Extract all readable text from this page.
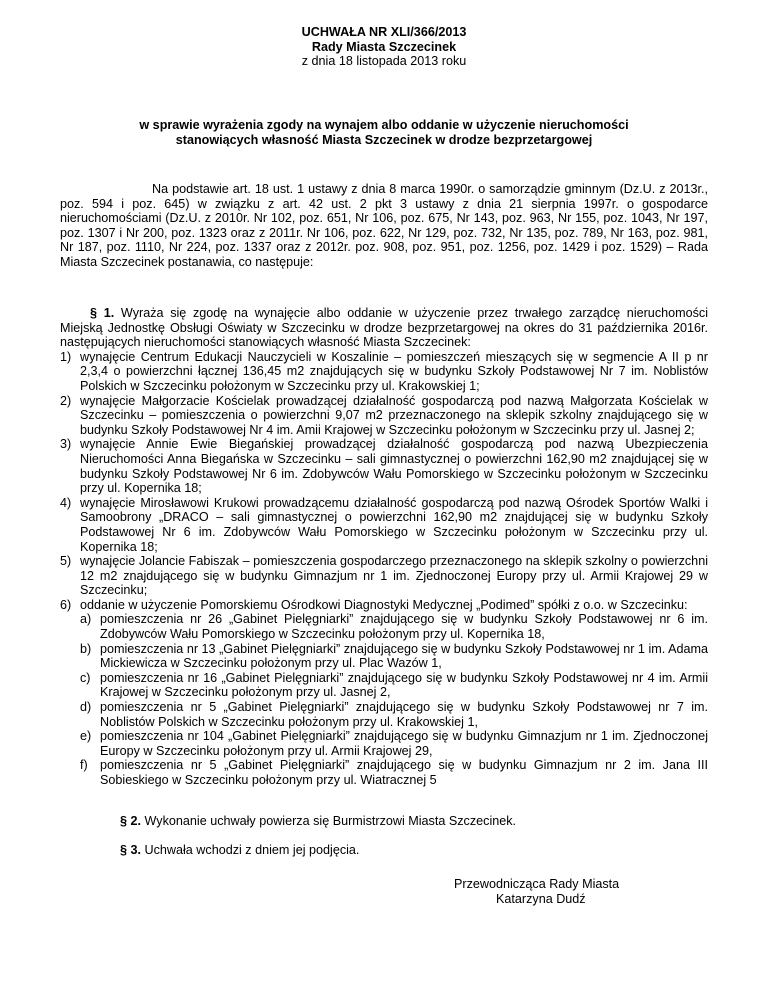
UCHWAŁA NR XLI/366/2013
Rady Miasta Szczecinek
z dnia 18 listopada 2013 roku
w sprawie wyrażenia zgody na wynajem albo oddanie w użyczenie nieruchomości
stanowiących własność Miasta Szczecinek w drodze bezprzetargowej
Na podstawie art. 18 ust. 1 ustawy z dnia 8 marca 1990r. o samorządzie gminnym (Dz.U. z 2013r., poz. 594 i poz. 645) w związku z art. 42 ust. 2 pkt 3 ustawy z dnia 21 sierpnia 1997r. o gospodarce nieruchomościami (Dz.U. z 2010r. Nr 102, poz. 651, Nr 106, poz. 675, Nr 143, poz. 963, Nr 155, poz. 1043, Nr 197, poz. 1307 i Nr 200, poz. 1323 oraz z 2011r. Nr 106, poz. 622, Nr 129, poz. 732, Nr 135, poz. 789, Nr 163, poz. 981, Nr 187, poz. 1110, Nr 224, poz. 1337 oraz z 2012r. poz. 908, poz. 951, poz. 1256, poz. 1429 i poz. 1529) – Rada Miasta Szczecinek postanawia, co następuje:
§ 1. Wyraża się zgodę na wynajęcie albo oddanie w użyczenie przez trwałego zarządcę nieruchomości Miejską Jednostkę Obsługi Oświaty w Szczecinku w drodze bezprzetargowej na okres do 31 października 2016r. następujących nieruchomości stanowiących własność Miasta Szczecinek:
1) wynajęcie Centrum Edukacji Nauczycieli w Koszalinie – pomieszczeń mieszących się w segmencie A II p nr 2,3,4 o powierzchni łącznej 136,45 m2 znajdujących się w budynku Szkoły Podstawowej Nr 7 im. Noblistów Polskich w Szczecinku położonym w Szczecinku przy ul. Krakowskiej 1;
2) wynajęcie Małgorzacie Kościelak prowadzącej działalność gospodarczą pod nazwą Małgorzata Kościelak w Szczecinku – pomieszczenia o powierzchni 9,07 m2 przeznaczonego na sklepik szkolny znajdującego się w budynku Szkoły Podstawowej Nr 4 im. Amii Krajowej w Szczecinku położonym w Szczecinku przy ul. Jasnej 2;
3) wynajęcie Annie Ewie Biegańskiej prowadzącej działalność gospodarczą pod nazwą Ubezpieczenia Nieruchomości Anna Biegańska w Szczecinku – sali gimnastycznej o powierzchni 162,90 m2 znajdującej się w budynku Szkoły Podstawowej Nr 6 im. Zdobywców Wału Pomorskiego w Szczecinku położonym w Szczecinku przy ul. Kopernika 18;
4) wynajęcie Mirosławowi Krukowi prowadzącemu działalność gospodarczą pod nazwą Ośrodek Sportów Walki i Samoobrony „DRACO – sali gimnastycznej o powierzchni 162,90 m2 znajdującej się w budynku Szkoły Podstawowej Nr 6 im. Zdobywców Wału Pomorskiego w Szczecinku położonym w Szczecinku przy ul. Kopernika 18;
5) wynajęcie Jolancie Fabiszak – pomieszczenia gospodarczego przeznaczonego na sklepik szkolny o powierzchni 12 m2 znajdującego się w budynku Gimnazjum nr 1 im. Zjednoczonej Europy przy ul. Armii Krajowej 29 w Szczecinku;
6) oddanie w użyczenie Pomorskiemu Ośrodkowi Diagnostyki Medycznej „Podimed” spółki z o.o. w Szczecinku:
a) pomieszczenia nr 26 „Gabinet Pielęgniarki” znajdującego się w budynku Szkoły Podstawowej nr 6 im. Zdobywców Wału Pomorskiego w Szczecinku położonym przy ul. Kopernika 18,
b) pomieszczenia nr 13 „Gabinet Pielęgniarki” znajdującego się w budynku Szkoły Podstawowej nr 1 im. Adama Mickiewicza w Szczecinku położonym przy ul. Plac Wazów 1,
c) pomieszczenia nr 16 „Gabinet Pielęgniarki” znajdującego się w budynku Szkoły Podstawowej nr 4 im. Armii Krajowej w Szczecinku położonym przy ul. Jasnej 2,
d) pomieszczenia nr 5 „Gabinet Pielęgniarki” znajdującego się w budynku Szkoły Podstawowej nr 7 im. Noblistów Polskich w Szczecinku położonym przy ul. Krakowskiej 1,
e) pomieszczenia nr 104 „Gabinet Pielęgniarki” znajdującego się w budynku Gimnazjum nr 1 im. Zjednoczonej Europy w Szczecinku położonym przy ul. Armii Krajowej 29,
f) pomieszczenia nr 5 „Gabinet Pielęgniarki” znajdującego się w budynku Gimnazjum nr 2 im. Jana III Sobieskiego w Szczecinku położonym przy ul. Wiatracznej 5
§ 2. Wykonanie uchwały powierza się Burmistrzowi Miasta Szczecinek.
§ 3. Uchwała wchodzi z dniem jej podjęcia.
Przewodnicząca Rady Miasta
Katarzyna Dudź
